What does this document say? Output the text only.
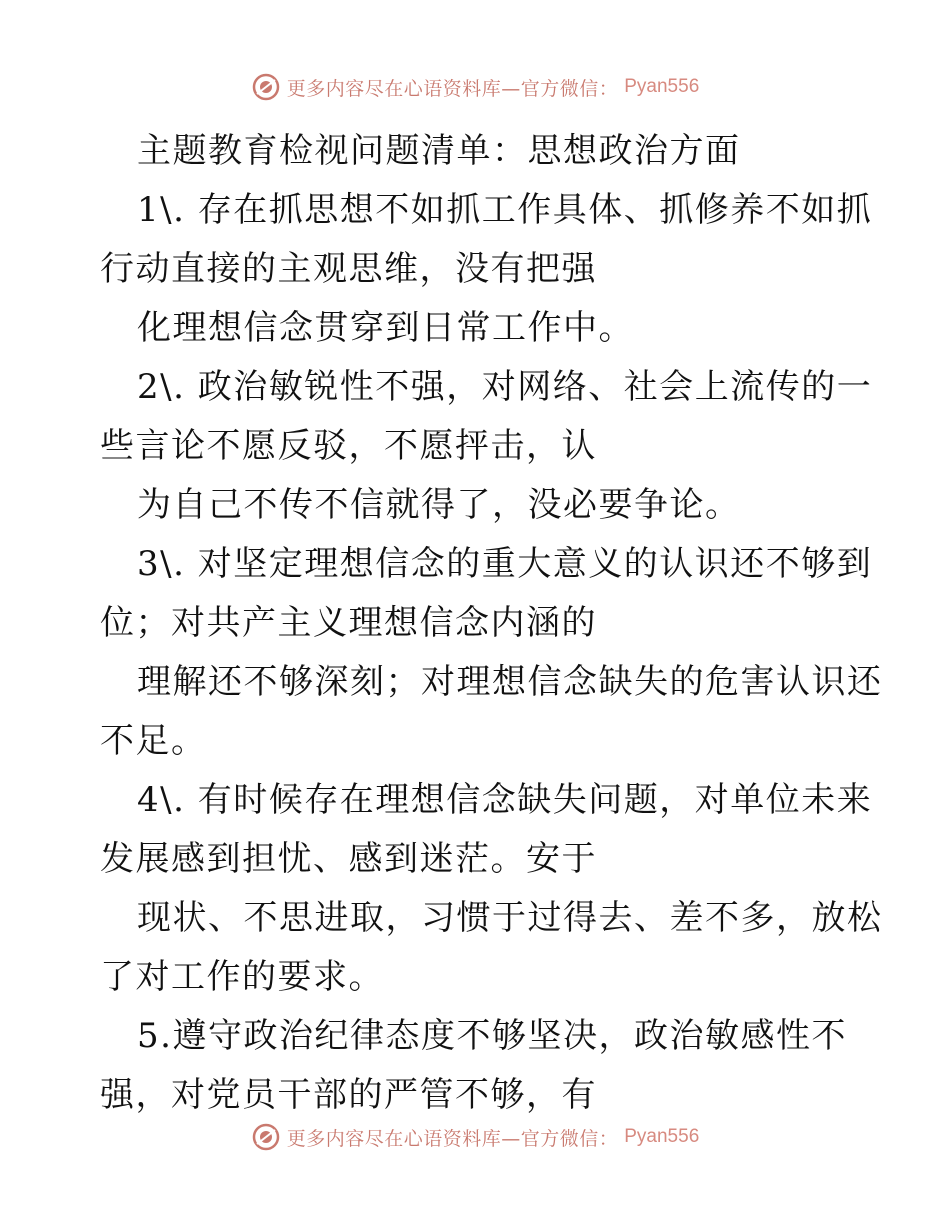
更多内容尽在心语资料库—官方微信： Pyan556
主题教育检视问题清单：思想政治方面
1\. 存在抓思想不如抓工作具体、抓修养不如抓
行动直接的主观思维，没有把强
化理想信念贯穿到日常工作中。
2\. 政治敏锐性不强，对网络、社会上流传的一
些言论不愿反驳，不愿抨击，认
为自己不传不信就得了，没必要争论。
3\. 对坚定理想信念的重大意义的认识还不够到
位；对共产主义理想信念内涵的
理解还不够深刻；对理想信念缺失的危害认识还
不足。
4\. 有时候存在理想信念缺失问题，对单位未来
发展感到担忧、感到迷茫。安于
现状、不思进取，习惯于过得去、差不多，放松
了对工作的要求。
5.遵守政治纪律态度不够坚决，政治敏感性不
强，对党员干部的严管不够，有
更多内容尽在心语资料库—官方微信： Pyan556
